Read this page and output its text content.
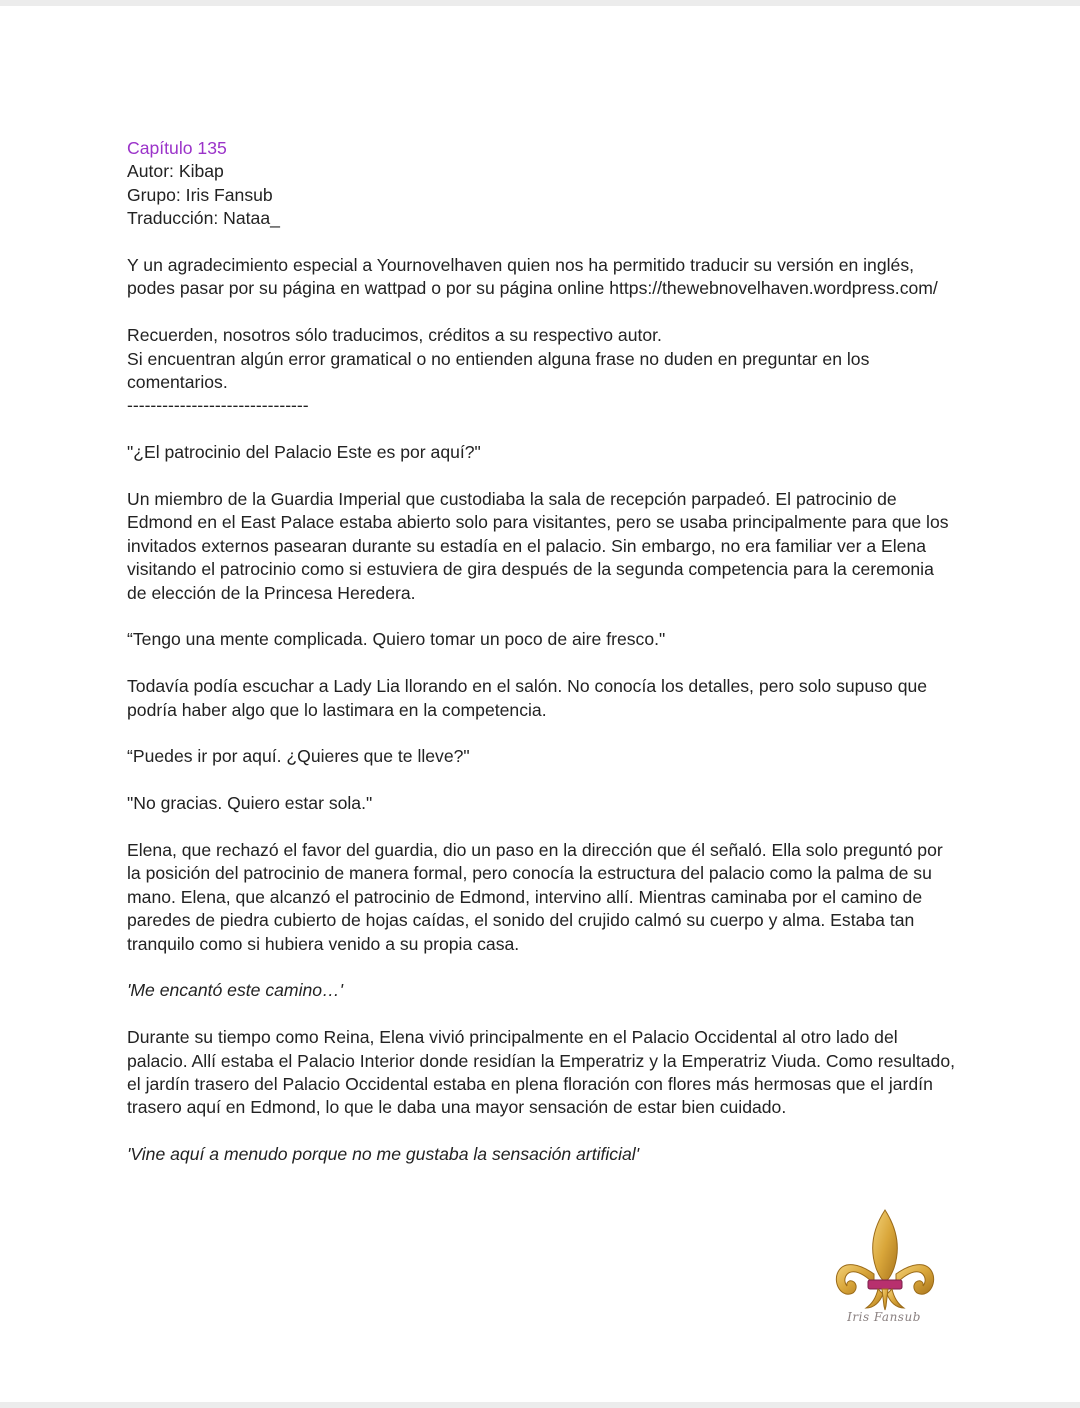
Capítulo 135

Autor: Kibap

Grupo: Iris Fansub

Traducción: Nataa_

Y un agradecimiento especial a Yournovelhaven quien nos ha permitido traducir su versión en inglés, podes pasar por su página en wattpad o por su página online https://thewebnovelhaven.wordpress.com/

Recuerden, nosotros sólo traducimos, créditos a su respectivo autor.

Si encuentran algún error gramatical o no entienden alguna frase no duden en preguntar en los comentarios.

-------------------------------

"¿El patrocinio del Palacio Este es por aquí?"

Un miembro de la Guardia Imperial que custodiaba la sala de recepción parpadeó. El patrocinio de Edmond en el East Palace estaba abierto solo para visitantes, pero se usaba principalmente para que los invitados externos pasearan durante su estadía en el palacio. Sin embargo, no era familiar ver a Elena visitando el patrocinio como si estuviera de gira después de la segunda competencia para la ceremonia de elección de la Princesa Heredera.

“Tengo una mente complicada. Quiero tomar un poco de aire fresco."

Todavía podía escuchar a Lady Lia llorando en el salón. No conocía los detalles, pero solo supuso que podría haber algo que lo lastimara en la competencia.

“Puedes ir por aquí. ¿Quieres que te lleve?"

"No gracias. Quiero estar sola."

Elena, que rechazó el favor del guardia, dio un paso en la dirección que él señaló. Ella solo preguntó por la posición del patrocinio de manera formal, pero conocía la estructura del palacio como la palma de su mano. Elena, que alcanzó el patrocinio de Edmond, intervino allí. Mientras caminaba por el camino de paredes de piedra cubierto de hojas caídas, el sonido del crujido calmó su cuerpo y alma. Estaba tan tranquilo como si hubiera venido a su propia casa.

'Me encantó este camino…'

Durante su tiempo como Reina, Elena vivió principalmente en el Palacio Occidental al otro lado del palacio. Allí estaba el Palacio Interior donde residían la Emperatriz y la Emperatriz Viuda. Como resultado, el jardín trasero del Palacio Occidental estaba en plena floración con flores más hermosas que el jardín trasero aquí en Edmond, lo que le daba una mayor sensación de estar bien cuidado.

'Vine aquí a menudo porque no me gustaba la sensación artificial'

Iris Fansub
